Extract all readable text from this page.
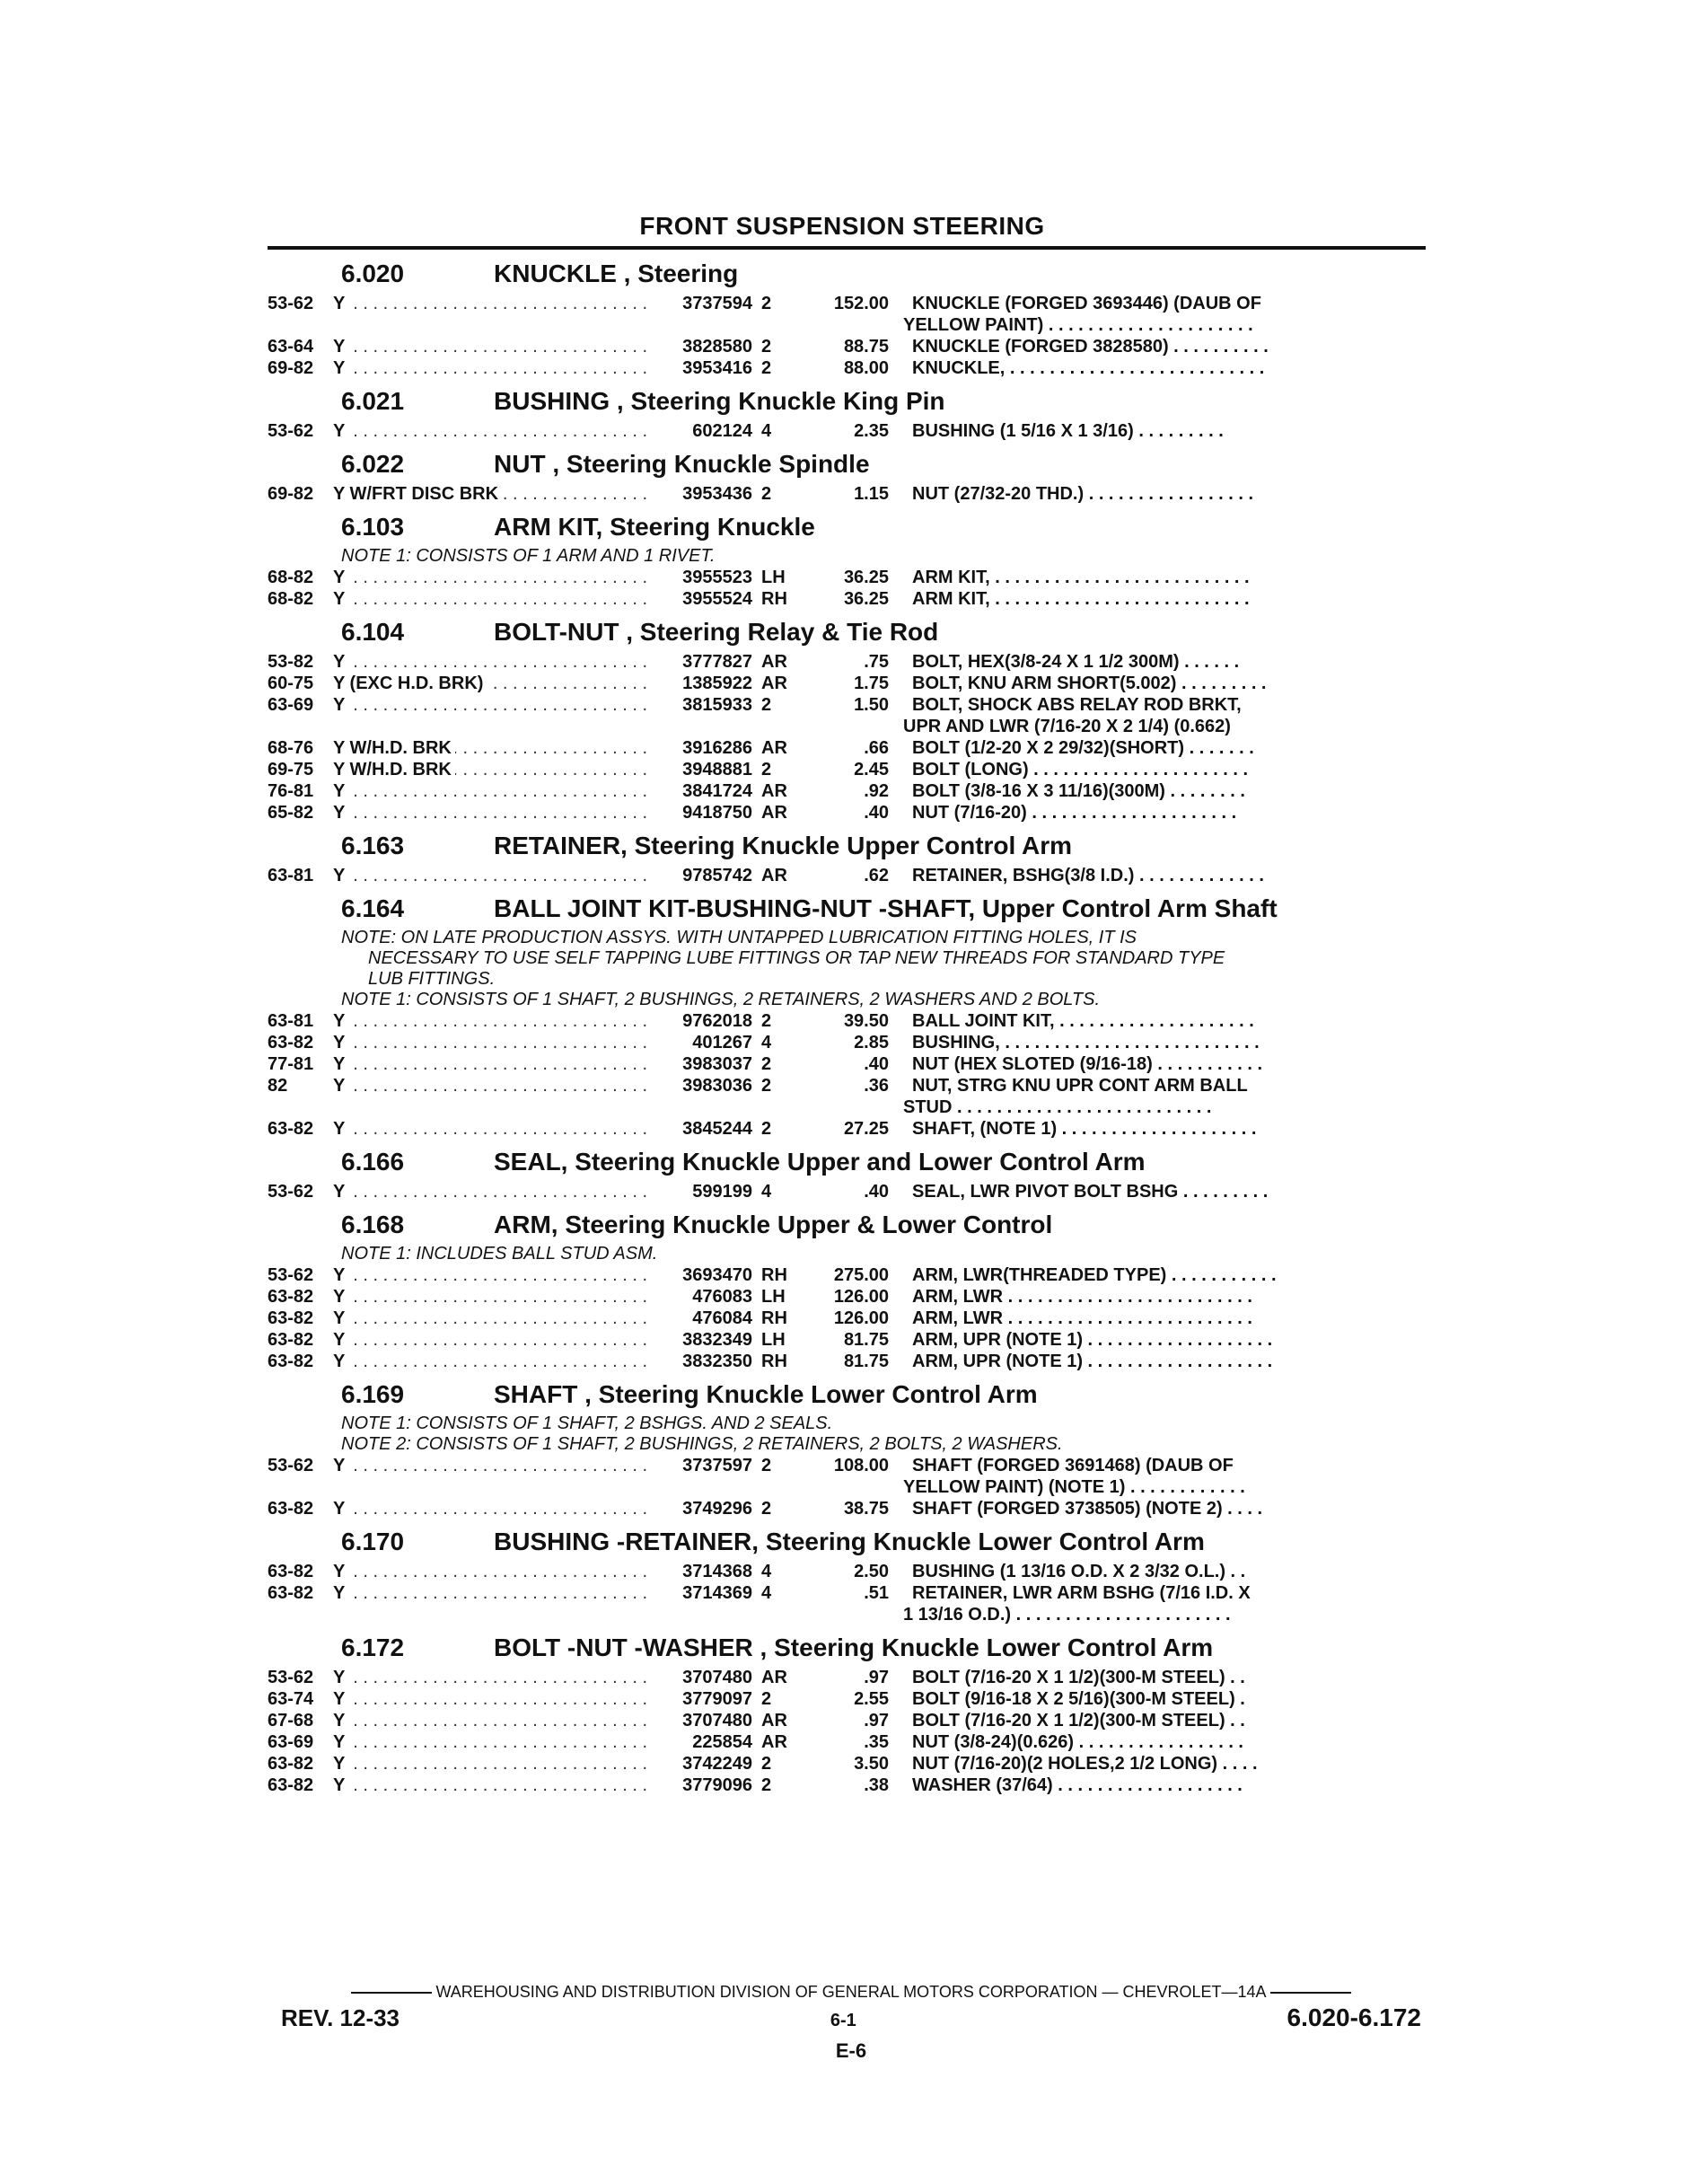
FRONT SUSPENSION STEERING
6.020	KNUCKLE , Steering
53-62	Y . . .	3737594 2	152.00	KNUCKLE (FORGED 3693446) (DAUB OF
YELLOW PAINT) . . . . . . . . . . . . . . . . . . . . .
63-64	Y . . .	3828580 2	88.75	KNUCKLE (FORGED 3828580) . . . . . . . . . .
69-82	Y . . .	3953416 2	88.00	KNUCKLE, . . . . . . . . . . . . . . . . . . . . . . . . . .
6.021	BUSHING , Steering Knuckle King Pin
53-62	Y . . .	602124 4	2.35	BUSHING (1 5/16 X 1 3/16) . . . . . . . . .
6.022	NUT , Steering Knuckle Spindle
69-82	Y W/FRT DISC BRK . . .	3953436 2	1.15	NUT (27/32-20 THD.) . . . . . . . . . . . . . . . . .
6.103	ARM KIT, Steering Knuckle
NOTE 1: CONSISTS OF 1 ARM AND 1 RIVET.
68-82	Y . . .	3955523 LH	36.25	ARM KIT, . . . . . . . . . . . . . . . . . . . . . . . . . .
68-82	Y . . .	3955524 RH	36.25	ARM KIT, . . . . . . . . . . . . . . . . . . . . . . . . . .
6.104	BOLT-NUT , Steering Relay & Tie Rod
53-82	Y . . .	3777827 AR	.75	BOLT, HEX(3/8-24 X 1 1/2 300M) . . . . . .
60-75	Y (EXC H.D. BRK) . . .	1385922 AR	1.75	BOLT, KNU ARM SHORT(5.002) . . . . . . . . .
63-69	Y . . .	3815933 2	1.50	BOLT, SHOCK ABS RELAY ROD BRKT,
UPR AND LWR (7/16-20 X 2 1/4) (0.662)
68-76	Y W/H.D. BRK . . .	3916286 AR	.66	BOLT (1/2-20 X 2 29/32)(SHORT) . . . . . . .
69-75	Y W/H.D. BRK . . .	3948881 2	2.45	BOLT (LONG) . . . . . . . . . . . . . . . . . . . . . .
76-81	Y . . .	3841724 AR	.92	BOLT (3/8-16 X 3 11/16)(300M) . . . . . . . .
65-82	Y . . .	9418750 AR	.40	NUT (7/16-20) . . . . . . . . . . . . . . . . . . . . .
6.163	RETAINER, Steering Knuckle Upper Control Arm
63-81	Y . . .	9785742 AR	.62	RETAINER, BSHG(3/8 I.D.) . . . . . . . . . . . . .
6.164	BALL JOINT KIT-BUSHING-NUT -SHAFT, Upper Control Arm Shaft
NOTE: ON LATE PRODUCTION ASSYS. WITH UNTAPPED LUBRICATION FITTING HOLES, IT IS
NECESSARY TO USE SELF TAPPING LUBE FITTINGS OR TAP NEW THREADS FOR STANDARD TYPE
LUB FITTINGS.
NOTE 1: CONSISTS OF 1 SHAFT, 2 BUSHINGS, 2 RETAINERS, 2 WASHERS AND 2 BOLTS.
63-81	Y . . .	9762018 2	39.50	BALL JOINT KIT, . . . . . . . . . . . . . . . . . . . .
63-82	Y . . .	401267 4	2.85	BUSHING, . . . . . . . . . . . . . . . . . . . . . . . . . .
77-81	Y . . .	3983037 2	.40	NUT (HEX SLOTED (9/16-18) . . . . . . . . . . .
82	Y . . .	3983036 2	.36	NUT, STRG KNU UPR CONT ARM BALL
STUD . . . . . . . . . . . . . . . . . . . . . . . . . .
63-82	Y . . .	3845244 2	27.25	SHAFT, (NOTE 1) . . . . . . . . . . . . . . . . . . . .
6.166	SEAL, Steering Knuckle Upper and Lower Control Arm
53-62	Y . . .	599199 4	.40	SEAL, LWR PIVOT BOLT BSHG . . . . . . . . .
6.168	ARM, Steering Knuckle Upper & Lower Control
NOTE 1: INCLUDES BALL STUD ASM.
53-62	Y . . .	3693470 RH	275.00	ARM, LWR(THREADED TYPE) . . . . . . . . . . .
63-82	Y . . .	476083 LH	126.00	ARM, LWR . . . . . . . . . . . . . . . . . . . . . . . . .
63-82	Y . . .	476084 RH	126.00	ARM, LWR . . . . . . . . . . . . . . . . . . . . . . . . .
63-82	Y . . .	3832349 LH	81.75	ARM, UPR (NOTE 1) . . . . . . . . . . . . . . . . . . .
63-82	Y . . .	3832350 RH	81.75	ARM, UPR (NOTE 1) . . . . . . . . . . . . . . . . . . .
6.169	SHAFT , Steering Knuckle Lower Control Arm
NOTE 1: CONSISTS OF 1 SHAFT, 2 BSHGS. AND 2 SEALS.
NOTE 2: CONSISTS OF 1 SHAFT, 2 BUSHINGS, 2 RETAINERS, 2 BOLTS, 2 WASHERS.
53-62	Y . . .	3737597 2	108.00	SHAFT (FORGED 3691468) (DAUB OF
YELLOW PAINT) (NOTE 1) . . . . . . . . . . . .
63-82	Y . . .	3749296 2	38.75	SHAFT (FORGED 3738505) (NOTE 2) . . . .
6.170	BUSHING -RETAINER, Steering Knuckle Lower Control Arm
63-82	Y . . .	3714368 4	2.50	BUSHING (1 13/16 O.D. X 2 3/32 O.L.) . .
63-82	Y . . .	3714369 4	.51	RETAINER, LWR ARM BSHG (7/16 I.D. X
1 13/16 O.D.) . . . . . . . . . . . . . . . . . . . . . .
6.172	BOLT -NUT -WASHER , Steering Knuckle Lower Control Arm
53-62	Y . . .	3707480 AR	.97	BOLT (7/16-20 X 1 1/2)(300-M STEEL) . .
63-74	Y . . .	3779097 2	2.55	BOLT (9/16-18 X 2 5/16)(300-M STEEL) .
67-68	Y . . .	3707480 AR	.97	BOLT (7/16-20 X 1 1/2)(300-M STEEL) . .
63-69	Y . . .	225854 AR	.35	NUT (3/8-24)(0.626) . . . . . . . . . . . . . . . . .
63-82	Y . . .	3742249 2	3.50	NUT (7/16-20)(2 HOLES,2 1/2 LONG) . . . .
63-82	Y . . .	3779096 2	.38	WASHER (37/64) . . . . . . . . . . . . . . . . . . .
WAREHOUSING AND DISTRIBUTION DIVISION OF GENERAL MOTORS CORPORATION — CHEVROLET—14A
REV. 12-33	6-1	6.020-6.172
E-6
